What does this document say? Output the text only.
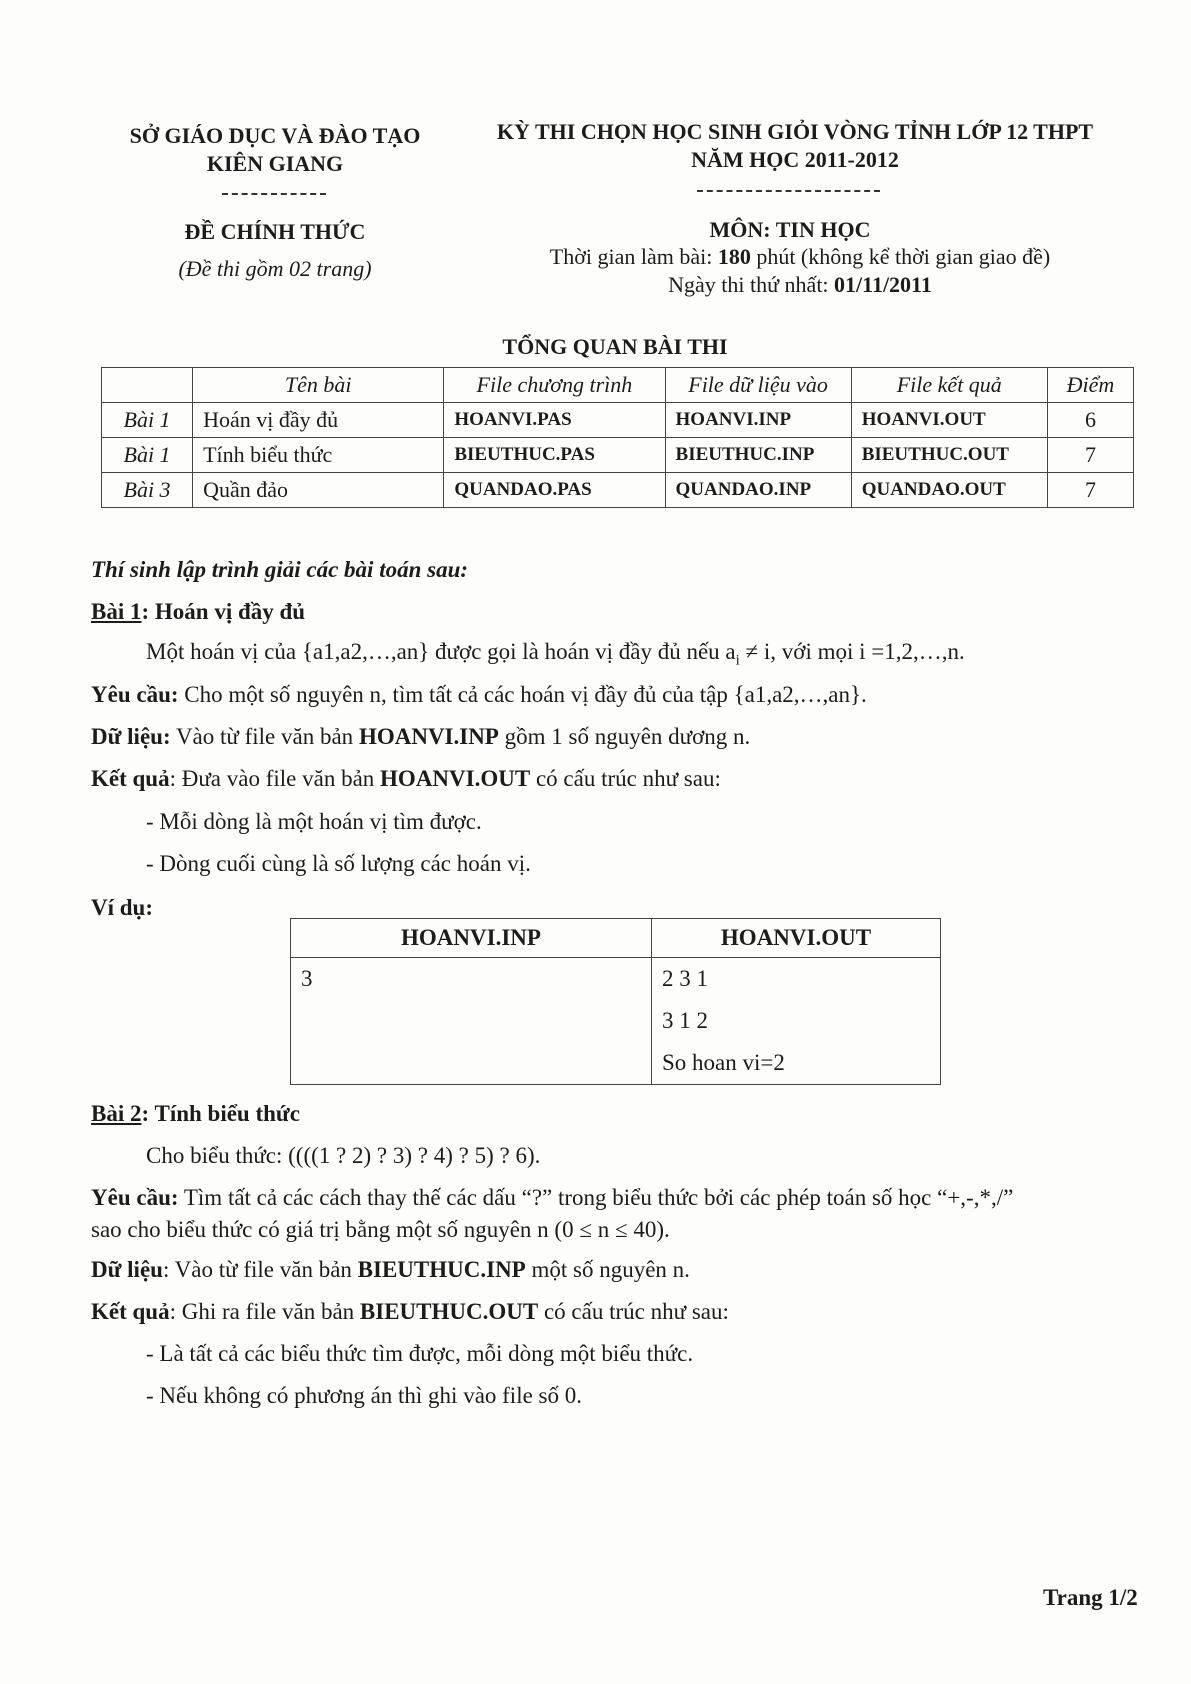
SỞ GIÁO DỤC VÀ ĐÀO TẠO
KIÊN GIANG
KỲ THI CHỌN HỌC SINH GIỎI VÒNG TỈNH LỚP 12 THPT
NĂM HỌC 2011-2012
ĐỀ CHÍNH THỨC
(Đề thi gồm 02 trang)
MÔN: TIN HỌC
Thời gian làm bài: 180 phút (không kể thời gian giao đề)
Ngày thi thứ nhất: 01/11/2011
TỔNG QUAN BÀI THI
	Tên bài	File chương trình	File dữ liệu vào	File kết quả	Điểm
Bài 1	Hoán vị đầy đủ	HOANVI.PAS	HOANVI.INP	HOANVI.OUT	6
Bài 1	Tính biểu thức	BIEUTHUC.PAS	BIEUTHUC.INP	BIEUTHUC.OUT	7
Bài 3	Quần đảo	QUANDAO.PAS	QUANDAO.INP	QUANDAO.OUT	7
Thí sinh lập trình giải các bài toán sau:
Bài 1: Hoán vị đầy đủ
Một hoán vị của {a1,a2,…,an} được gọi là hoán vị đầy đủ nếu $a_i \ne i$, với mọi i =1,2,…,n.
Yêu cầu: Cho một số nguyên n, tìm tất cả các hoán vị đầy đủ của tập {a1,a2,…,an}.
Dữ liệu: Vào từ file văn bản HOANVI.INP gồm 1 số nguyên dương n.
Kết quả: Đưa vào file văn bản HOANVI.OUT có cấu trúc như sau:
- Mỗi dòng là một hoán vị tìm được.
- Dòng cuối cùng là số lượng các hoán vị.
Ví dụ:
HOANVI.INP	HOANVI.OUT

3	2 3 1
3 1 2
So hoan vi=2
Bài 2: Tính biểu thức
Cho biểu thức: ((((1 ? 2) ? 3) ? 4) ? 5) ? 6).
Yêu cầu: Tìm tất cả các cách thay thế các dấu “?” trong biểu thức bởi các phép toán số học “+,-,*,/”
sao cho biểu thức có giá trị bằng một số nguyên n (0 ≤ n ≤ 40).
Dữ liệu: Vào từ file văn bản BIEUTHUC.INP một số nguyên n.
Kết quả: Ghi ra file văn bản BIEUTHUC.OUT có cấu trúc như sau:
- Là tất cả các biểu thức tìm được, mỗi dòng một biểu thức.
- Nếu không có phương án thì ghi vào file số 0.
Trang 1/2
